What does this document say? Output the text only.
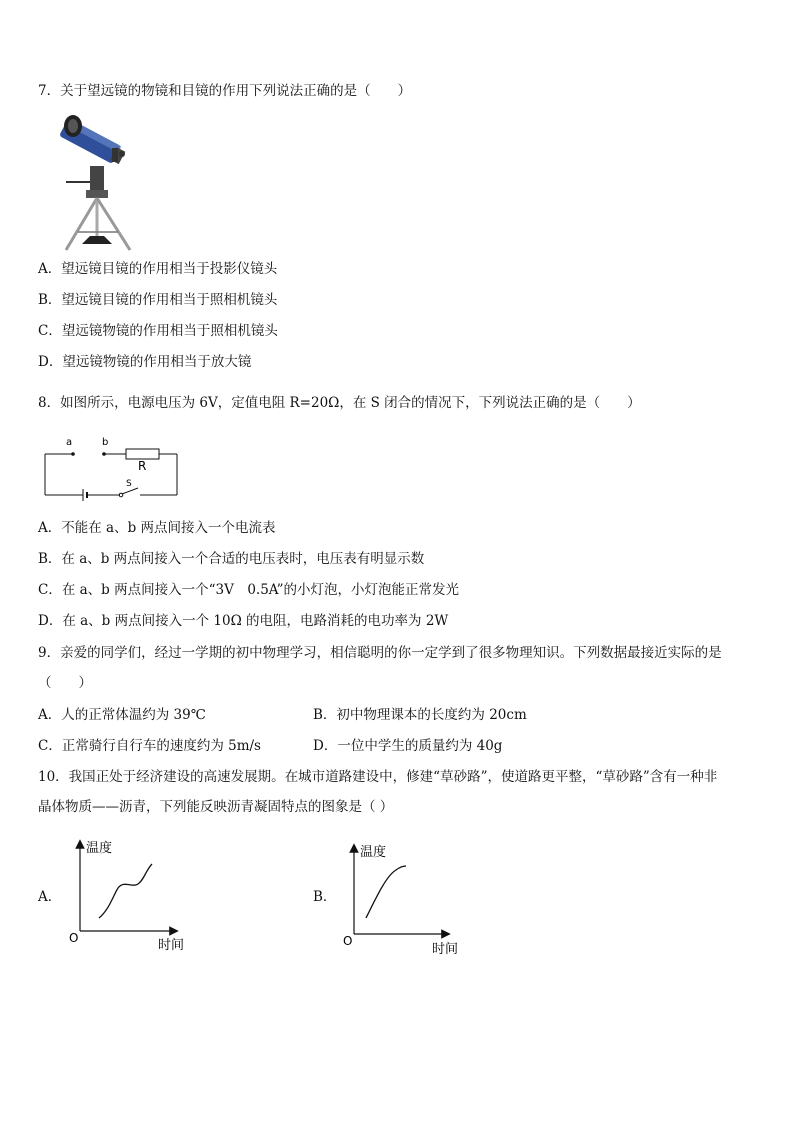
7．关于望远镜的物镜和目镜的作用下列说法正确的是（　　）
A．望远镜目镜的作用相当于投影仪镜头
B．望远镜目镜的作用相当于照相机镜头
C．望远镜物镜的作用相当于照相机镜头
D．望远镜物镜的作用相当于放大镜
8．如图所示，电源电压为 6V，定值电阻 R=20Ω，在 S 闭合的情况下，下列说法正确的是（　　）
a	b
R
S
A．不能在 a、b 两点间接入一个电流表
B．在 a、b 两点间接入一个合适的电压表时，电压表有明显示数
C．在 a、b 两点间接入一个“3V　0.5A”的小灯泡，小灯泡能正常发光
D．在 a、b 两点间接入一个 10Ω 的电阻，电路消耗的电功率为 2W
9．亲爱的同学们，经过一学期的初中物理学习，相信聪明的你一定学到了很多物理知识。下列数据最接近实际的是
（　　）
A．人的正常体温约为 39℃	B．初中物理课本的长度约为 20cm
C．正常骑行自行车的速度约为 5m/s	D．一位中学生的质量约为 40g
10．我国正处于经济建设的高速发展期。在城市道路建设中，修建“草砂路”，使道路更平整，“草砂路”含有一种非
晶体物质——沥青，下列能反映沥青凝固特点的图象是（ ）
A．
温度
时间
O
B．
温度
时间
O
